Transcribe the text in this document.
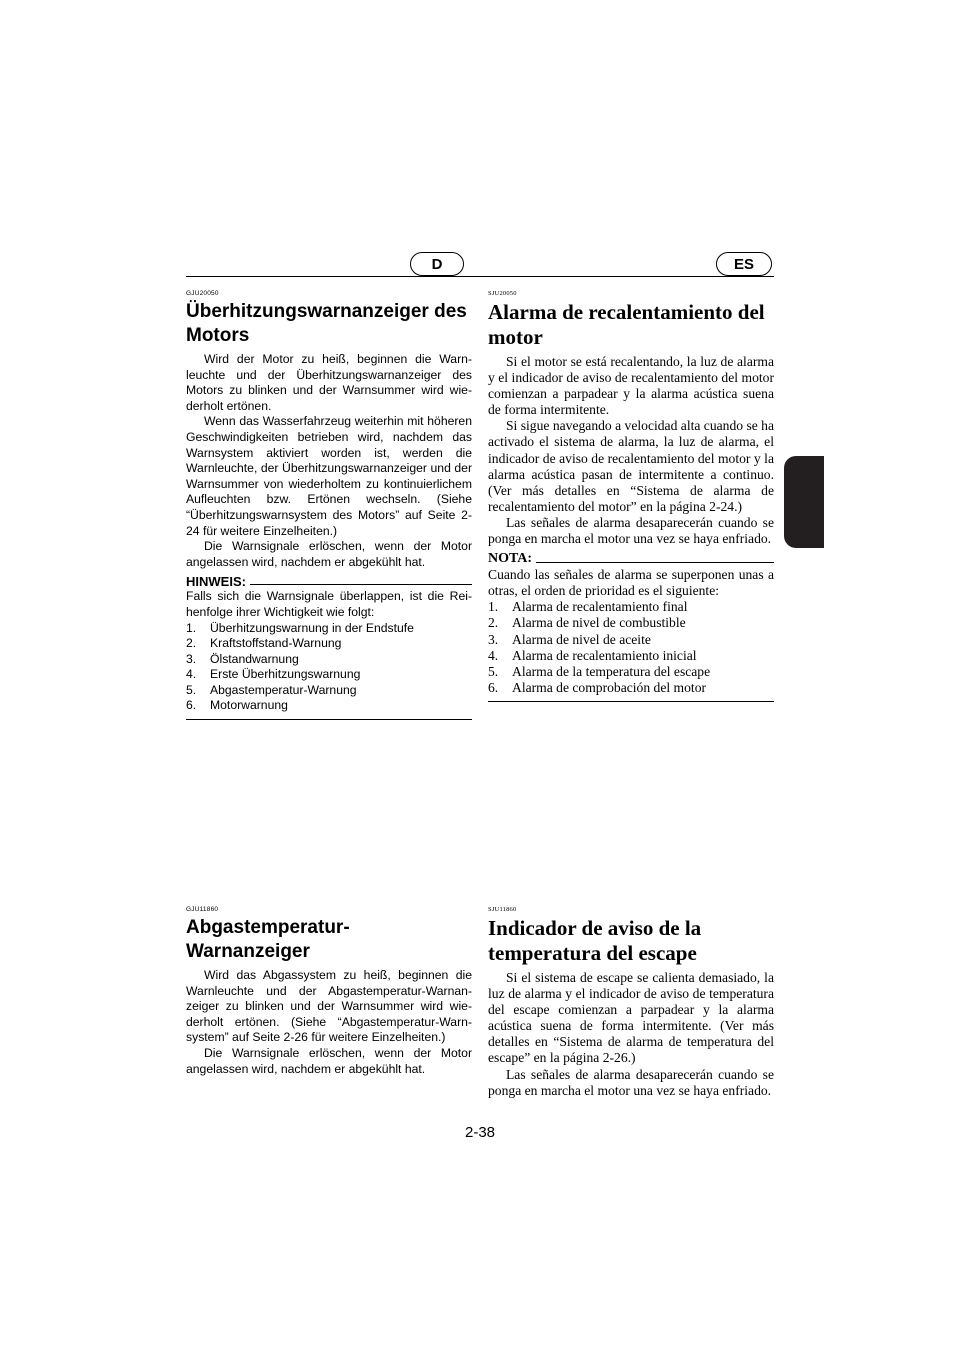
D	ES
GJU20050
Überhitzungswarnanzeiger des Motors

Wird der Motor zu heiß, beginnen die Warnleuchte und der Überhitzungswarnanzeiger des Motors zu blinken und der Warnsummer wird wiederholt ertönen.

Wenn das Wasserfahrzeug weiterhin mit höheren Geschwindigkeiten betrieben wird, nachdem das Warnsystem aktiviert worden ist, werden die Warnleuchte, der Überhitzungswarnanzeiger und der Warnsummer von wiederholtem zu kontinuierlichem Aufleuchten bzw. Ertönen wechseln. (Siehe “Überhitzungswarnsystem des Motors” auf Seite 2-24 für weitere Einzelheiten.)

Die Warnsignale erlöschen, wenn der Motor angelassen wird, nachdem er abgekühlt hat.

HINWEIS:

Falls sich die Warnsignale überlappen, ist die Reihenfolge ihrer Wichtigkeit wie folgt:

1.	Überhitzungswarnung in der Endstufe
2.	Kraftstoffstand-Warnung
3.	Ölstandwarnung
4.	Erste Überhitzungswarnung
5.	Abgastemperatur-Warnung
6.	Motorwarnung
SJU20050
Alarma de recalentamiento del motor

Si el motor se está recalentando, la luz de alarma y el indicador de aviso de recalentamiento del motor comienzan a parpadear y la alarma acústica suena de forma intermitente.

Si sigue navegando a velocidad alta cuando se ha activado el sistema de alarma, la luz de alarma, el indicador de aviso de recalentamiento del motor y la alarma acústica pasan de intermitente a continuo. (Ver más detalles en “Sistema de alarma de recalentamiento del motor” en la página 2-24.)

Las señales de alarma desaparecerán cuando se ponga en marcha el motor una vez se haya enfriado.

NOTA:

Cuando las señales de alarma se superponen unas a otras, el orden de prioridad es el siguiente:

1.	Alarma de recalentamiento final
2.	Alarma de nivel de combustible
3.	Alarma de nivel de aceite
4.	Alarma de recalentamiento inicial
5.	Alarma de la temperatura del escape
6.	Alarma de comprobación del motor
GJU11860
Abgastemperatur-Warnanzeiger

Wird das Abgassystem zu heiß, beginnen die Warnleuchte und der Abgastemperatur-Warnanzeiger zu blinken und der Warnsummer wird wiederholt ertönen. (Siehe “Abgastemperatur-Warnsystem” auf Seite 2-26 für weitere Einzelheiten.)

Die Warnsignale erlöschen, wenn der Motor angelassen wird, nachdem er abgekühlt hat.

SJU11860
Indicador de aviso de la temperatura del escape

Si el sistema de escape se calienta demasiado, la luz de alarma y el indicador de aviso de temperatura del escape comienzan a parpadear y la alarma acústica suena de forma intermitente. (Ver más detalles en “Sistema de alarma de temperatura del escape” en la página 2-26.)

Las señales de alarma desaparecerán cuando se ponga en marcha el motor una vez se haya enfriado.

2-38
